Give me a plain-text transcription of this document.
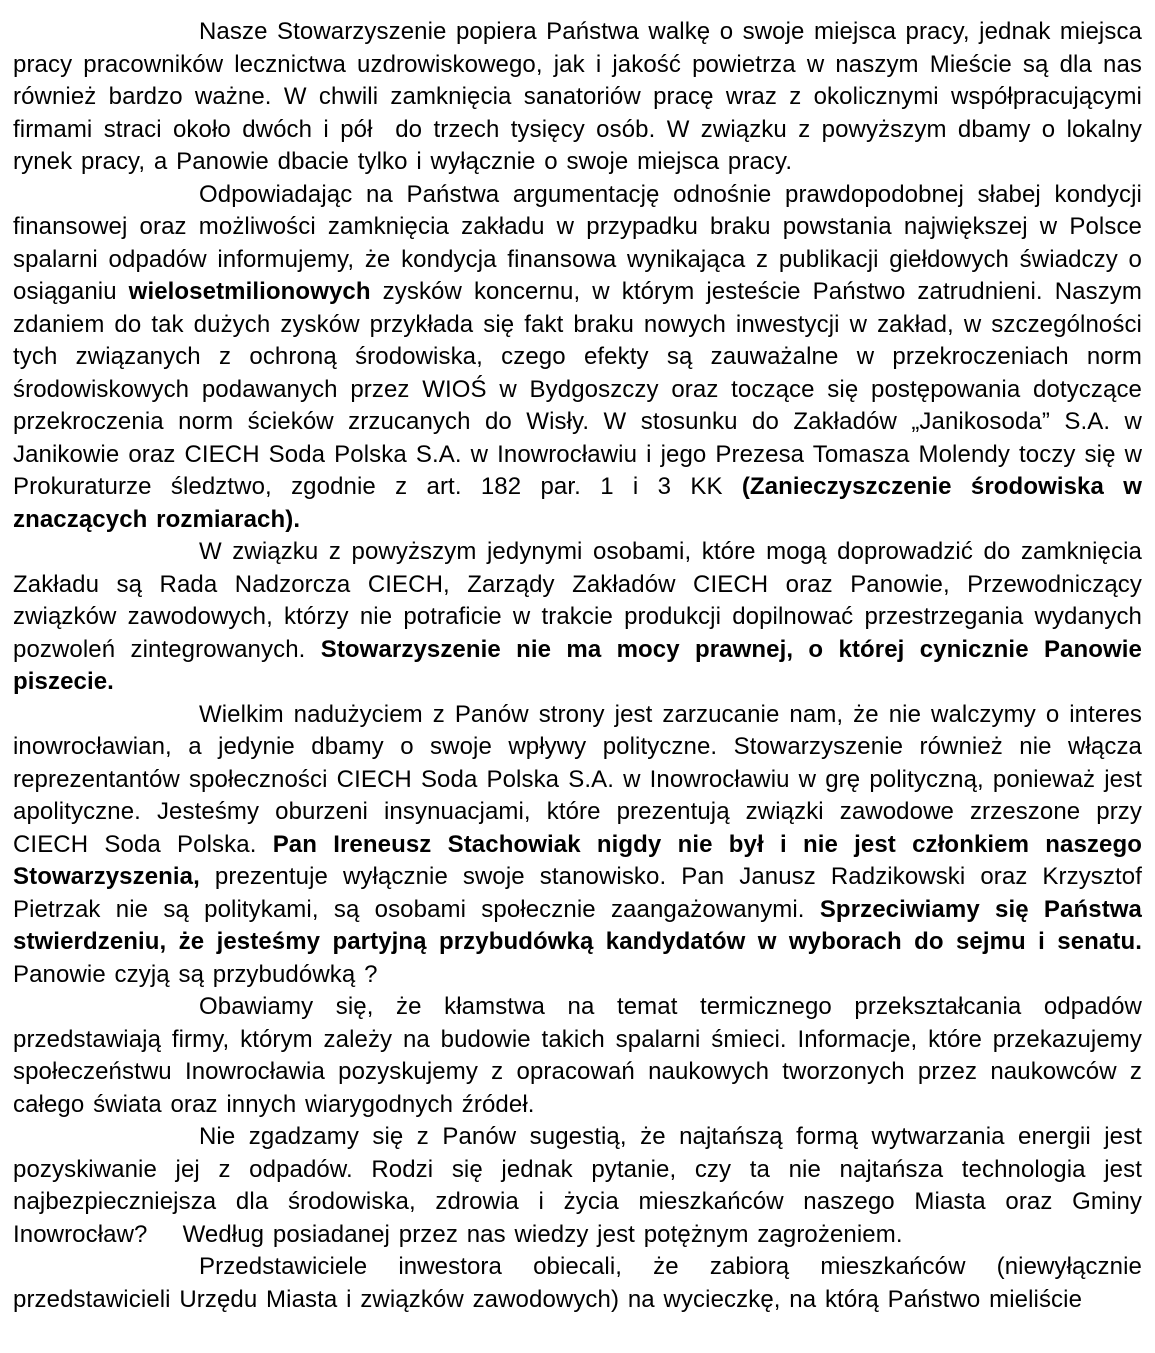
Nasze Stowarzyszenie popiera Państwa walkę o swoje miejsca pracy, jednak miejsca pracy pracowników lecznictwa uzdrowiskowego, jak i jakość powietrza w naszym Mieście są dla nas również bardzo ważne. W chwili zamknięcia sanatoriów pracę wraz z okolicznymi współpracującymi firmami straci około dwóch i pół  do trzech tysięcy osób. W związku z powyższym dbamy o lokalny rynek pracy, a Panowie dbacie tylko i wyłącznie o swoje miejsca pracy.

Odpowiadając na Państwa argumentację odnośnie prawdopodobnej słabej kondycji finansowej oraz możliwości zamknięcia zakładu w przypadku braku powstania największej w Polsce spalarni odpadów informujemy, że kondycja finansowa wynikająca z publikacji giełdowych świadczy o osiąganiu wielosetmilionowych zysków koncernu, w którym jesteście Państwo zatrudnieni. Naszym zdaniem do tak dużych zysków przykłada się fakt braku nowych inwestycji w zakład, w szczególności tych związanych z ochroną środowiska, czego efekty są zauważalne w przekroczeniach norm środowiskowych podawanych przez WIOŚ w Bydgoszczy oraz toczące się postępowania dotyczące przekroczenia norm ścieków zrzucanych do Wisły. W stosunku do Zakładów „Janikosoda” S.A. w Janikowie oraz CIECH Soda Polska S.A. w Inowrocławiu i jego Prezesa Tomasza Molendy toczy się w Prokuraturze śledztwo, zgodnie z art. 182 par. 1 i 3 KK (Zanieczyszczenie środowiska w znaczących rozmiarach).

W związku z powyższym jedynymi osobami, które mogą doprowadzić do zamknięcia Zakładu są Rada Nadzorcza CIECH, Zarządy Zakładów CIECH oraz Panowie, Przewodniczący związków zawodowych, którzy nie potraficie w trakcie produkcji dopilnować przestrzegania wydanych pozwoleń zintegrowanych. Stowarzyszenie nie ma mocy prawnej, o której cynicznie Panowie piszecie.

Wielkim nadużyciem z Panów strony jest zarzucanie nam, że nie walczymy o interes inowrocławian, a jedynie dbamy o swoje wpływy polityczne. Stowarzyszenie również nie włącza reprezentantów społeczności CIECH Soda Polska S.A. w Inowrocławiu w grę polityczną, ponieważ jest apolityczne. Jesteśmy oburzeni insynuacjami, które prezentują związki zawodowe zrzeszone przy CIECH Soda Polska. Pan Ireneusz Stachowiak nigdy nie był i nie jest członkiem naszego Stowarzyszenia, prezentuje wyłącznie swoje stanowisko. Pan Janusz Radzikowski oraz Krzysztof Pietrzak nie są politykami, są osobami społecznie zaangażowanymi. Sprzeciwiamy się Państwa stwierdzeniu, że jesteśmy partyjną przybudówką kandydatów w wyborach do sejmu i senatu. Panowie czyją są przybudówką ?

Obawiamy się, że kłamstwa na temat termicznego przekształcania odpadów przedstawiają firmy, którym zależy na budowie takich spalarni śmieci. Informacje, które przekazujemy społeczeństwu Inowrocławia pozyskujemy z opracowań naukowych tworzonych przez naukowców z całego świata oraz innych wiarygodnych źródeł.

Nie zgadzamy się z Panów sugestią, że najtańszą formą wytwarzania energii jest pozyskiwanie jej z odpadów. Rodzi się jednak pytanie, czy ta nie najtańsza technologia jest najbezpieczniejsza dla środowiska, zdrowia i życia mieszkańców naszego Miasta oraz Gminy Inowrocław?    Według posiadanej przez nas wiedzy jest potężnym zagrożeniem.

Przedstawiciele inwestora obiecali, że zabiorą mieszkańców (niewyłącznie przedstawicieli Urzędu Miasta i związków zawodowych) na wycieczkę, na którą Państwo mieliście
